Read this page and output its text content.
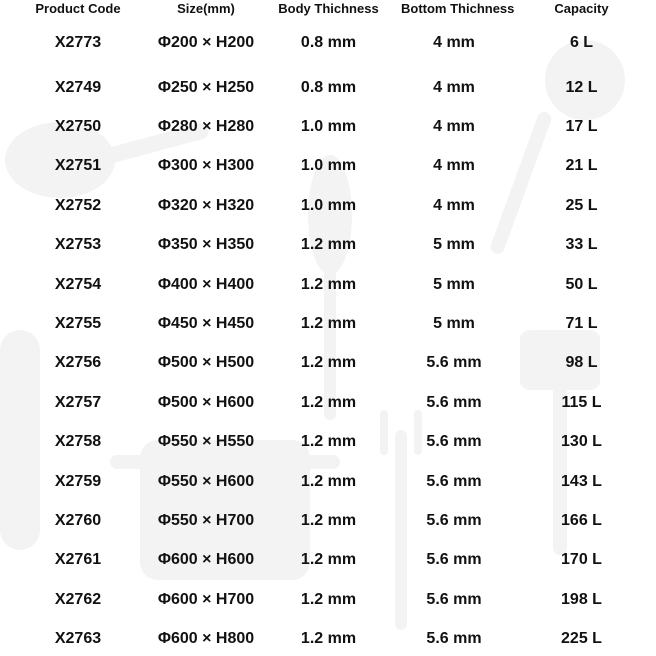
Product Code	Size(mm)	Body Thichness	Bottom Thichness	Capacity
X2773	Φ200 × H200	0.8 mm	4 mm	6 L
X2749	Φ250 × H250	0.8 mm	4 mm	12 L
X2750	Φ280 × H280	1.0 mm	4 mm	17 L
X2751	Φ300 × H300	1.0 mm	4 mm	21 L
X2752	Φ320 × H320	1.0 mm	4 mm	25 L
X2753	Φ350 × H350	1.2 mm	5 mm	33 L
X2754	Φ400 × H400	1.2 mm	5 mm	50 L
X2755	Φ450 × H450	1.2 mm	5 mm	71 L
X2756	Φ500 × H500	1.2 mm	5.6 mm	98 L
X2757	Φ500 × H600	1.2 mm	5.6 mm	115 L
X2758	Φ550 × H550	1.2 mm	5.6 mm	130 L
X2759	Φ550 × H600	1.2 mm	5.6 mm	143 L
X2760	Φ550 × H700	1.2 mm	5.6 mm	166 L
X2761	Φ600 × H600	1.2 mm	5.6 mm	170 L
X2762	Φ600 × H700	1.2 mm	5.6 mm	198 L
X2763	Φ600 × H800	1.2 mm	5.6 mm	225 L
